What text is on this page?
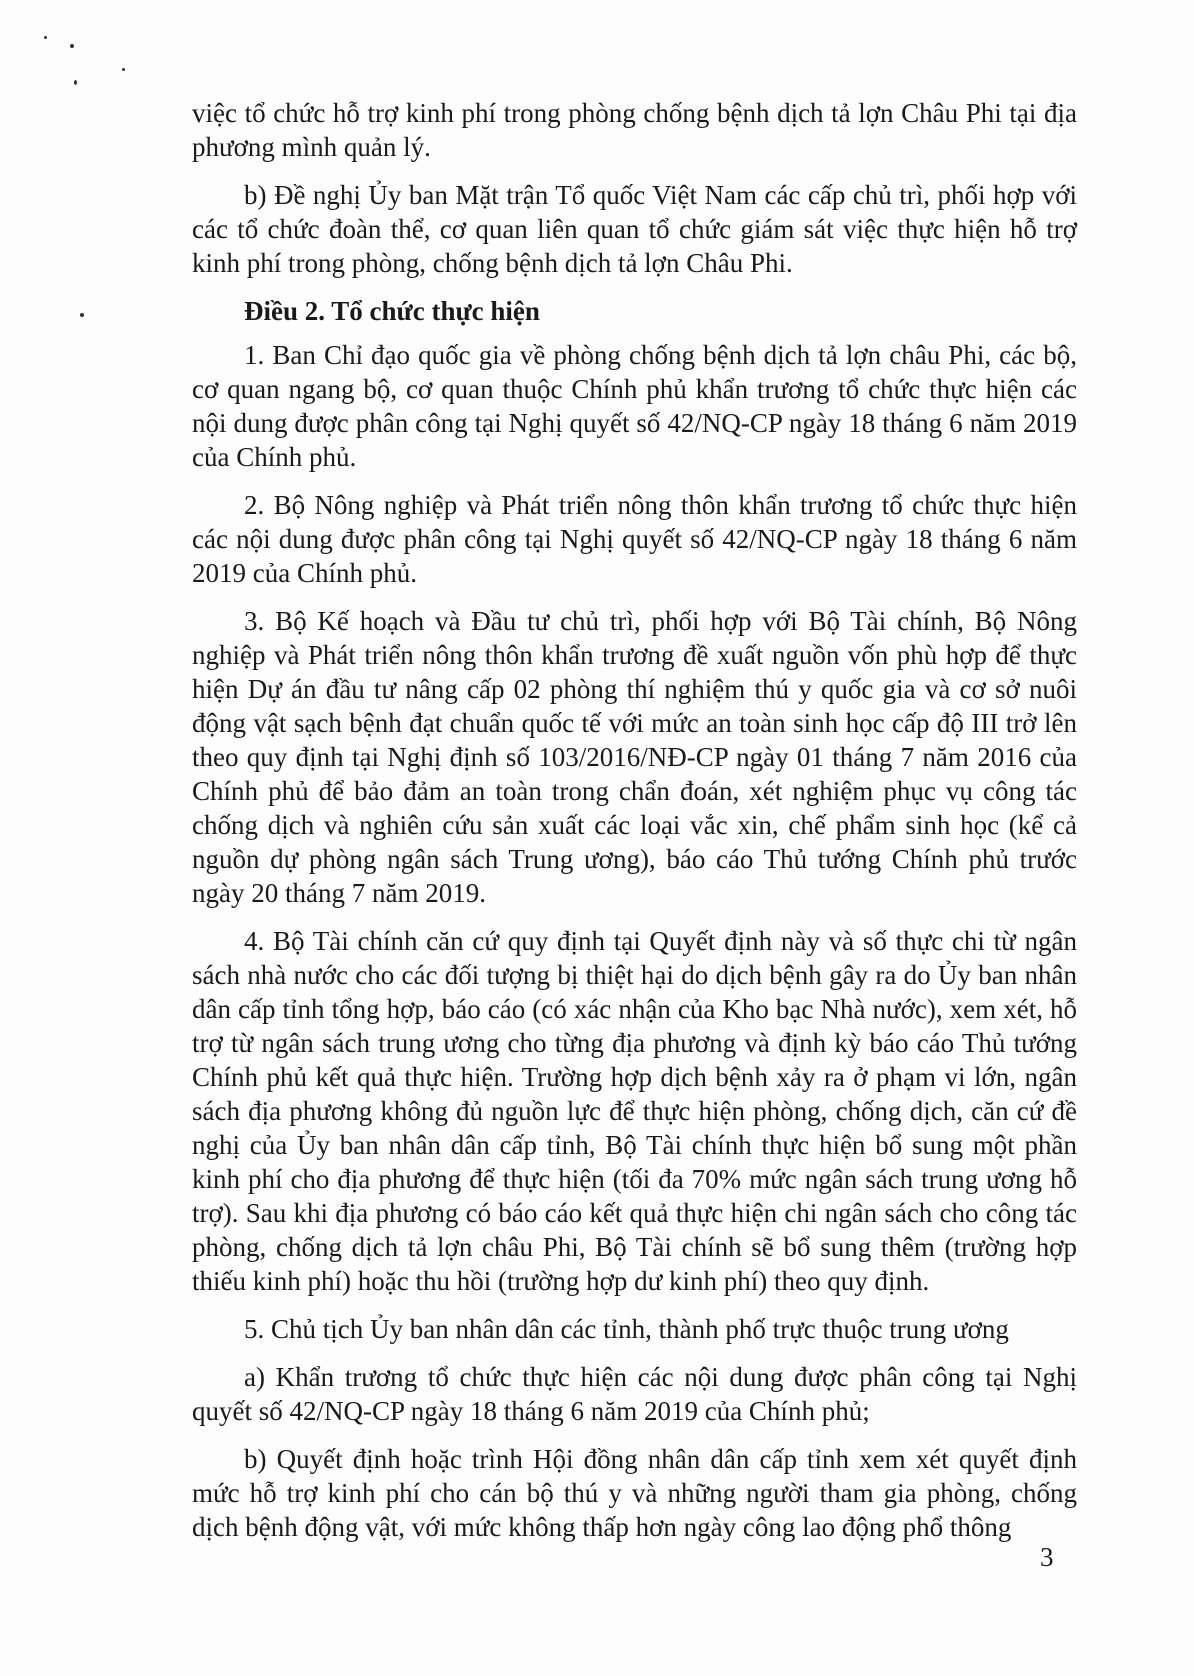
việc tổ chức hỗ trợ kinh phí trong phòng chống bệnh dịch tả lợn Châu Phi tại địa phương mình quản lý.

b) Đề nghị Ủy ban Mặt trận Tổ quốc Việt Nam các cấp chủ trì, phối hợp với các tổ chức đoàn thể, cơ quan liên quan tổ chức giám sát việc thực hiện hỗ trợ kinh phí trong phòng, chống bệnh dịch tả lợn Châu Phi.

Điều 2. Tổ chức thực hiện

1. Ban Chỉ đạo quốc gia về phòng chống bệnh dịch tả lợn châu Phi, các bộ, cơ quan ngang bộ, cơ quan thuộc Chính phủ khẩn trương tổ chức thực hiện các nội dung được phân công tại Nghị quyết số 42/NQ-CP ngày 18 tháng 6 năm 2019 của Chính phủ.

2. Bộ Nông nghiệp và Phát triển nông thôn khẩn trương tổ chức thực hiện các nội dung được phân công tại Nghị quyết số 42/NQ-CP ngày 18 tháng 6 năm 2019 của Chính phủ.

3. Bộ Kế hoạch và Đầu tư chủ trì, phối hợp với Bộ Tài chính, Bộ Nông nghiệp và Phát triển nông thôn khẩn trương đề xuất nguồn vốn phù hợp để thực hiện Dự án đầu tư nâng cấp 02 phòng thí nghiệm thú y quốc gia và cơ sở nuôi động vật sạch bệnh đạt chuẩn quốc tế với mức an toàn sinh học cấp độ III trở lên theo quy định tại Nghị định số 103/2016/NĐ-CP ngày 01 tháng 7 năm 2016 của Chính phủ để bảo đảm an toàn trong chẩn đoán, xét nghiệm phục vụ công tác chống dịch và nghiên cứu sản xuất các loại vắc xin, chế phẩm sinh học (kể cả nguồn dự phòng ngân sách Trung ương), báo cáo Thủ tướng Chính phủ trước ngày 20 tháng 7 năm 2019.

4. Bộ Tài chính căn cứ quy định tại Quyết định này và số thực chi từ ngân sách nhà nước cho các đối tượng bị thiệt hại do dịch bệnh gây ra do Ủy ban nhân dân cấp tỉnh tổng hợp, báo cáo (có xác nhận của Kho bạc Nhà nước), xem xét, hỗ trợ từ ngân sách trung ương cho từng địa phương và định kỳ báo cáo Thủ tướng Chính phủ kết quả thực hiện. Trường hợp dịch bệnh xảy ra ở phạm vi lớn, ngân sách địa phương không đủ nguồn lực để thực hiện phòng, chống dịch, căn cứ đề nghị của Ủy ban nhân dân cấp tỉnh, Bộ Tài chính thực hiện bổ sung một phần kinh phí cho địa phương để thực hiện (tối đa 70% mức ngân sách trung ương hỗ trợ). Sau khi địa phương có báo cáo kết quả thực hiện chi ngân sách cho công tác phòng, chống dịch tả lợn châu Phi, Bộ Tài chính sẽ bổ sung thêm (trường hợp thiếu kinh phí) hoặc thu hồi (trường hợp dư kinh phí) theo quy định.

5. Chủ tịch Ủy ban nhân dân các tỉnh, thành phố trực thuộc trung ương

a) Khẩn trương tổ chức thực hiện các nội dung được phân công tại Nghị quyết số 42/NQ-CP ngày 18 tháng 6 năm 2019 của Chính phủ;

b) Quyết định hoặc trình Hội đồng nhân dân cấp tỉnh xem xét quyết định mức hỗ trợ kinh phí cho cán bộ thú y và những người tham gia phòng, chống dịch bệnh động vật, với mức không thấp hơn ngày công lao động phổ thông

3
